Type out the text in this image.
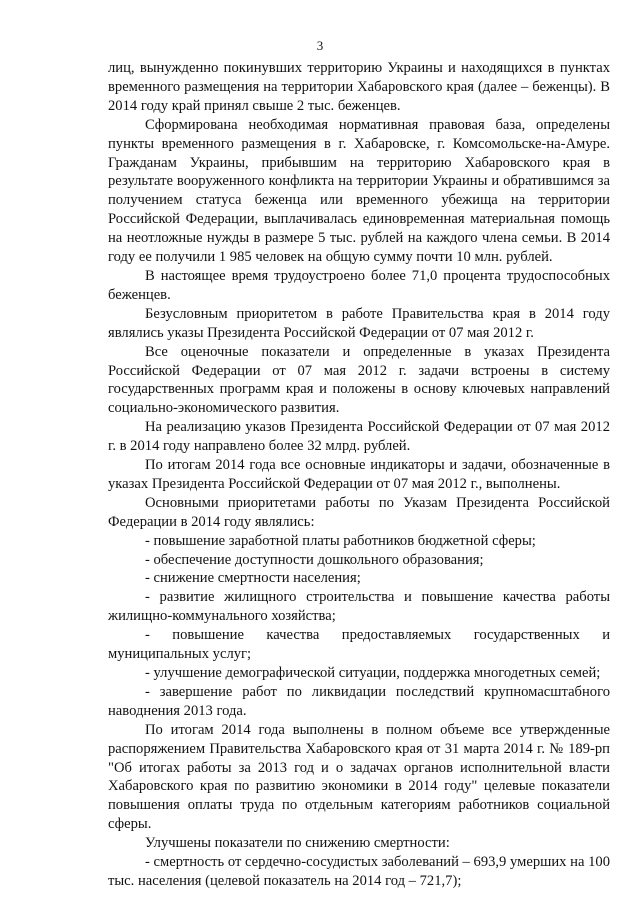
3

лиц, вынужденно покинувших территорию Украины и находящихся в пунктах временного размещения на территории Хабаровского края (далее – беженцы). В 2014 году край принял свыше 2 тыс. беженцев.

Сформирована необходимая нормативная правовая база, определены пункты временного размещения в г. Хабаровске, г. Комсомольске-на-Амуре. Гражданам Украины, прибывшим на территорию Хабаровского края в результате вооруженного конфликта на территории Украины и обратившимся за получением статуса беженца или временного убежища на территории Российской Федерации, выплачивалась единовременная материальная помощь на неотложные нужды в размере 5 тыс. рублей на каждого члена семьи. В 2014 году ее получили 1 985 человек на общую сумму почти 10 млн. рублей.

В настоящее время трудоустроено более 71,0 процента трудоспособных беженцев.

Безусловным приоритетом в работе Правительства края в 2014 году являлись указы Президента Российской Федерации от 07 мая 2012 г.

Все оценочные показатели и определенные в указах Президента Российской Федерации от 07 мая 2012 г. задачи встроены в систему государственных программ края и положены в основу ключевых направлений социально-экономического развития.

На реализацию указов Президента Российской Федерации от 07 мая 2012 г. в 2014 году направлено более 32 млрд. рублей.

По итогам 2014 года все основные индикаторы и задачи, обозначенные в указах Президента Российской Федерации от 07 мая 2012 г., выполнены.

Основными приоритетами работы по Указам Президента Российской Федерации в 2014 году являлись:

- повышение заработной платы работников бюджетной сферы;

- обеспечение доступности дошкольного образования;

- снижение смертности населения;

- развитие жилищного строительства и повышение качества работы жилищно-коммунального хозяйства;

- повышение качества предоставляемых государственных и муниципальных услуг;

- улучшение демографической ситуации, поддержка многодетных семей;

- завершение работ по ликвидации последствий крупномасштабного наводнения 2013 года.

По итогам 2014 года выполнены в полном объеме все утвержденные распоряжением Правительства Хабаровского края от 31 марта 2014 г. № 189-рп "Об итогах работы за 2013 год и о задачах органов исполнительной власти Хабаровского края по развитию экономики в 2014 году" целевые показатели повышения оплаты труда по отдельным категориям работников социальной сферы.

Улучшены показатели по снижению смертности:

- смертность от сердечно-сосудистых заболеваний – 693,9 умерших на 100 тыс. населения (целевой показатель на 2014 год – 721,7);
